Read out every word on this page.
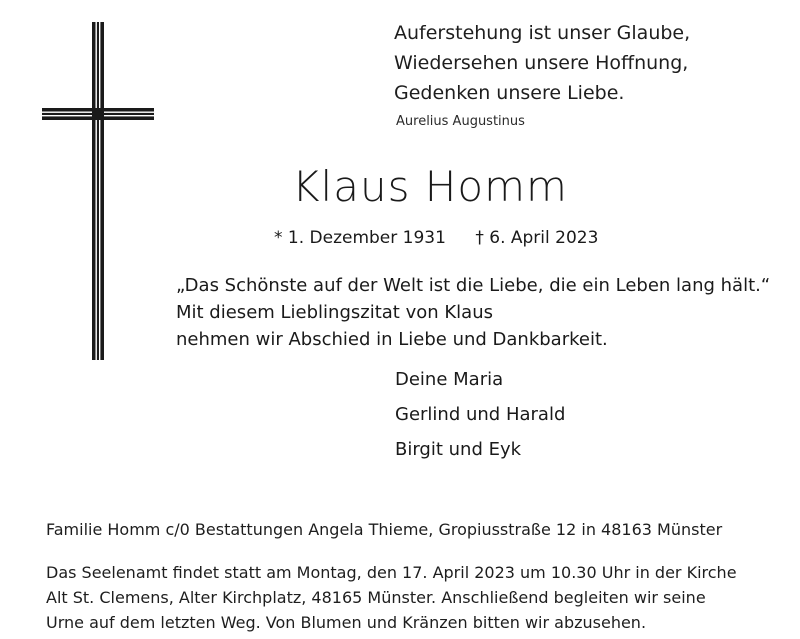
Auferstehung ist unser Glaube,
Wiedersehen unsere Hoffnung,
Gedenken unsere Liebe.
Aurelius Augustinus
Klaus Homm
* 1. Dezember 1931 † 6. April 2023
„Das Schönste auf der Welt ist die Liebe, die ein Leben lang hält.“
Mit diesem Lieblingszitat von Klaus
nehmen wir Abschied in Liebe und Dankbarkeit.
Deine Maria
Gerlind und Harald
Birgit und Eyk
Familie Homm c/0 Bestattungen Angela Thieme, Gropiusstraße 12 in 48163 Münster
Das Seelenamt findet statt am Montag, den 17. April 2023 um 10.30 Uhr in der Kirche
Alt St. Clemens, Alter Kirchplatz, 48165 Münster. Anschließend begleiten wir seine
Urne auf dem letzten Weg. Von Blumen und Kränzen bitten wir abzusehen.
